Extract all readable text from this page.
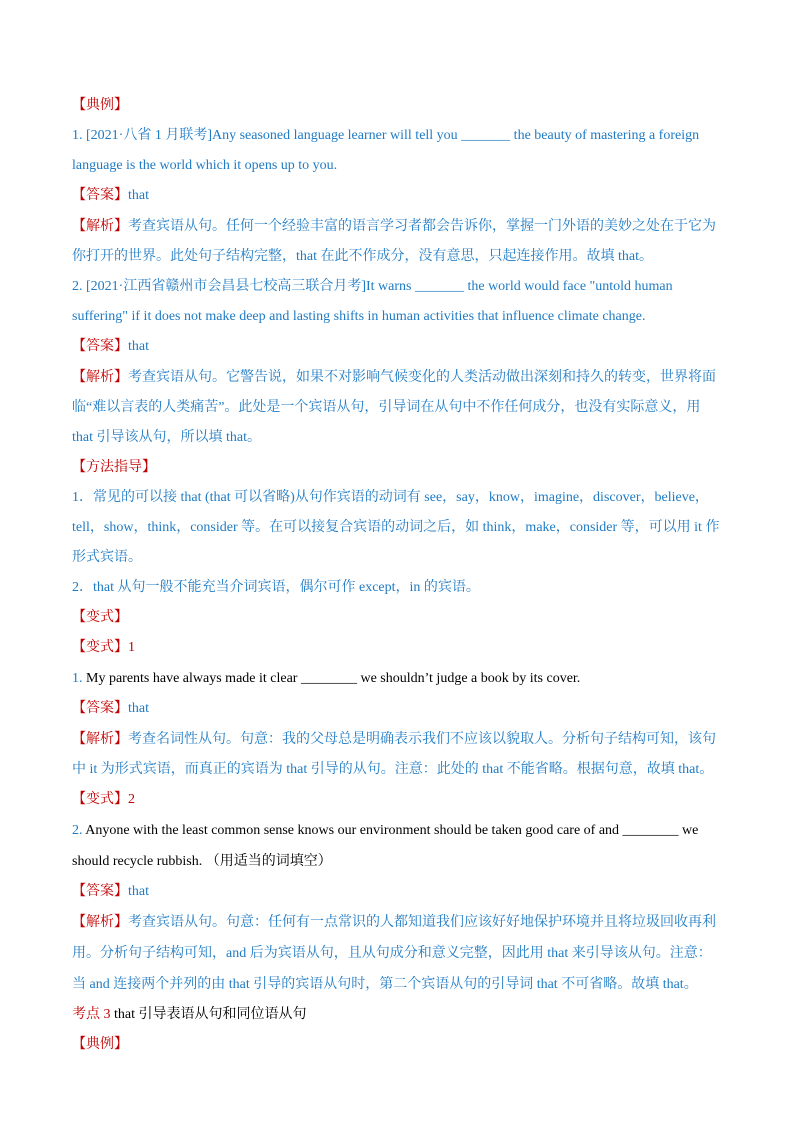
【典例】

1. [2021·八省 1 月联考]Any seasoned language learner will tell you _______ the beauty of mastering a foreign

language is the world which it opens up to you.

【答案】that

【解析】考查宾语从句。任何一个经验丰富的语言学习者都会告诉你，掌握一门外语的美妙之处在于它为

你打开的世界。此处句子结构完整，that 在此不作成分，没有意思，只起连接作用。故填 that。

2. [2021·江西省赣州市会昌县七校高三联合月考]It warns _______ the world would face "untold human

suffering" if it does not make deep and lasting shifts in human activities that influence climate change.

【答案】that

【解析】考查宾语从句。它警告说，如果不对影响气候变化的人类活动做出深刻和持久的转变，世界将面

临“难以言表的人类痛苦”。此处是一个宾语从句，引导词在从句中不作任何成分，也没有实际意义，用

that 引导该从句，所以填 that。

【方法指导】

1．常见的可以接 that (that 可以省略)从句作宾语的动词有 see，say，know，imagine，discover，believe，

tell，show，think，consider 等。在可以接复合宾语的动词之后，如 think，make，consider 等，可以用 it 作

形式宾语。

2．that 从句一般不能充当介词宾语，偶尔可作 except，in 的宾语。

【变式】

【变式】1

1. My parents have always made it clear ________ we shouldn’t judge a book by its cover.

【答案】that

【解析】考查名词性从句。句意：我的父母总是明确表示我们不应该以貌取人。分析句子结构可知，该句

中 it 为形式宾语，而真正的宾语为 that 引导的从句。注意：此处的 that 不能省略。根据句意，故填 that。

【变式】2

2. Anyone with the least common sense knows our environment should be taken good care of and ________ we

should recycle rubbish. （用适当的词填空）

【答案】that

【解析】考查宾语从句。句意：任何有一点常识的人都知道我们应该好好地保护环境并且将垃圾回收再利

用。分析句子结构可知，and 后为宾语从句，且从句成分和意义完整，因此用 that 来引导该从句。注意：

当 and 连接两个并列的由 that 引导的宾语从句时，第二个宾语从句的引导词 that 不可省略。故填 that。

考点 3 that 引导表语从句和同位语从句

【典例】
